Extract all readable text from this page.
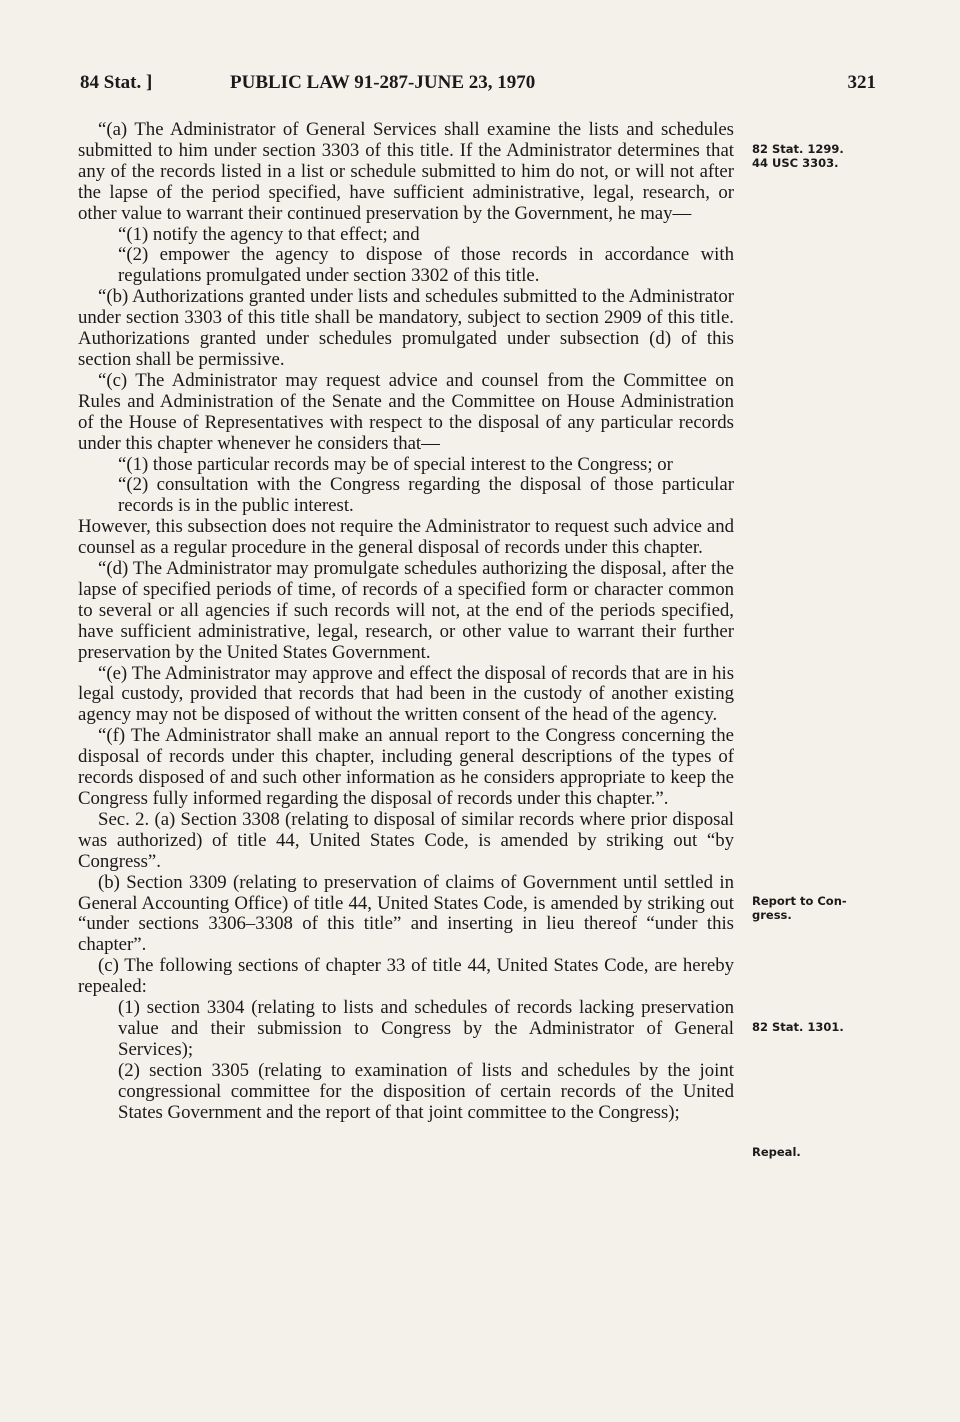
84 Stat. ]	PUBLIC LAW 91-287-JUNE 23, 1970	321

“(a) The Administrator of General Services shall examine the lists and schedules submitted to him under section 3303 of this title. If the Administrator determines that any of the records listed in a list or schedule submitted to him do not, or will not after the lapse of the period specified, have sufficient administrative, legal, research, or other value to warrant their continued preservation by the Government, he may—

“(1) notify the agency to that effect; and

“(2) empower the agency to dispose of those records in accordance with regulations promulgated under section 3302 of this title.

“(b) Authorizations granted under lists and schedules submitted to the Administrator under section 3303 of this title shall be mandatory, subject to section 2909 of this title. Authorizations granted under schedules promulgated under subsection (d) of this section shall be permissive.

“(c) The Administrator may request advice and counsel from the Committee on Rules and Administration of the Senate and the Committee on House Administration of the House of Representatives with respect to the disposal of any particular records under this chapter whenever he considers that—

“(1) those particular records may be of special interest to the Congress; or

“(2) consultation with the Congress regarding the disposal of those particular records is in the public interest.

However, this subsection does not require the Administrator to request such advice and counsel as a regular procedure in the general disposal of records under this chapter.

“(d) The Administrator may promulgate schedules authorizing the disposal, after the lapse of specified periods of time, of records of a specified form or character common to several or all agencies if such records will not, at the end of the periods specified, have sufficient administrative, legal, research, or other value to warrant their further preservation by the United States Government.

“(e) The Administrator may approve and effect the disposal of records that are in his legal custody, provided that records that had been in the custody of another existing agency may not be disposed of without the written consent of the head of the agency.

“(f) The Administrator shall make an annual report to the Congress concerning the disposal of records under this chapter, including general descriptions of the types of records disposed of and such other information as he considers appropriate to keep the Congress fully informed regarding the disposal of records under this chapter.”.

Sec. 2. (a) Section 3308 (relating to disposal of similar records where prior disposal was authorized) of title 44, United States Code, is amended by striking out “by Congress”.

(b) Section 3309 (relating to preservation of claims of Government until settled in General Accounting Office) of title 44, United States Code, is amended by striking out “under sections 3306–3308 of this title” and inserting in lieu thereof “under this chapter”.

(c) The following sections of chapter 33 of title 44, United States Code, are hereby repealed:

(1) section 3304 (relating to lists and schedules of records lacking preservation value and their submission to Congress by the Administrator of General Services);

(2) section 3305 (relating to examination of lists and schedules by the joint congressional committee for the disposition of certain records of the United States Government and the report of that joint committee to the Congress);

82 Stat. 1299.
44 USC 3303.
Report to Con-
gress.
82 Stat. 1301.
Repeal.
